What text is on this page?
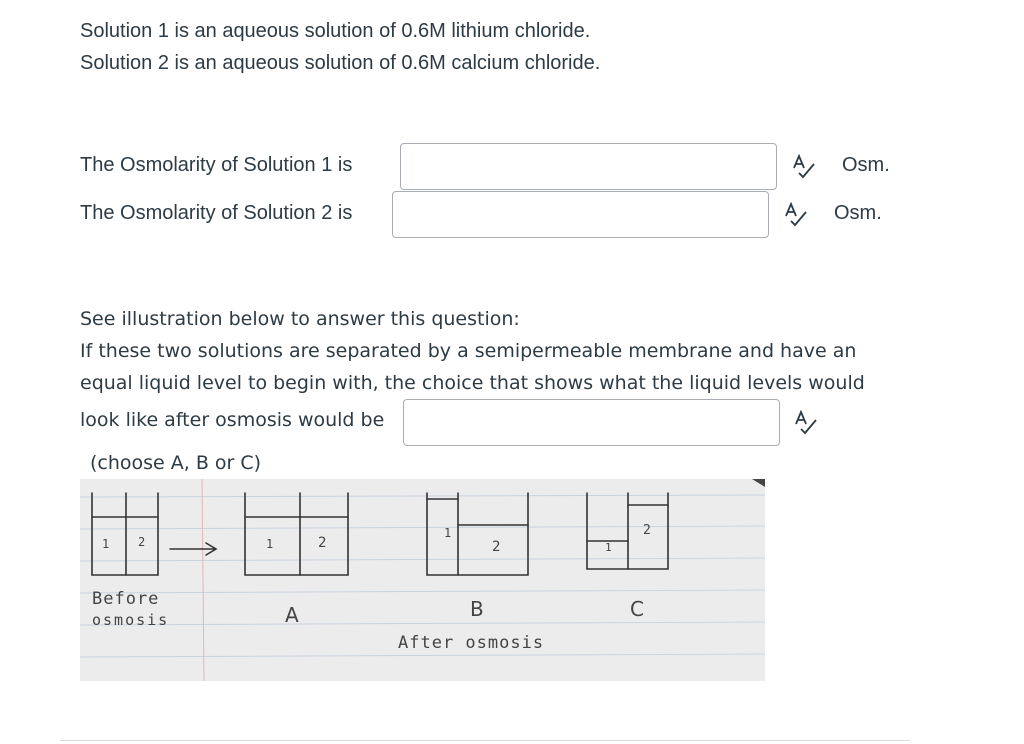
Solution 1 is an aqueous solution of 0.6M lithium chloride.
Solution 2 is an aqueous solution of 0.6M calcium chloride.
The Osmolarity of Solution 1 is	Osm.
The Osmolarity of Solution 2 is	Osm.
See illustration below to answer this question:
If these two solutions are separated by a semipermeable membrane and have an
equal liquid level to begin with, the choice that shows what the liquid levels would
look like after osmosis would be
(choose A, B or C)
1 2	1	2
1
2	1
2
Before
osmosis	A	B	C
After osmosis
